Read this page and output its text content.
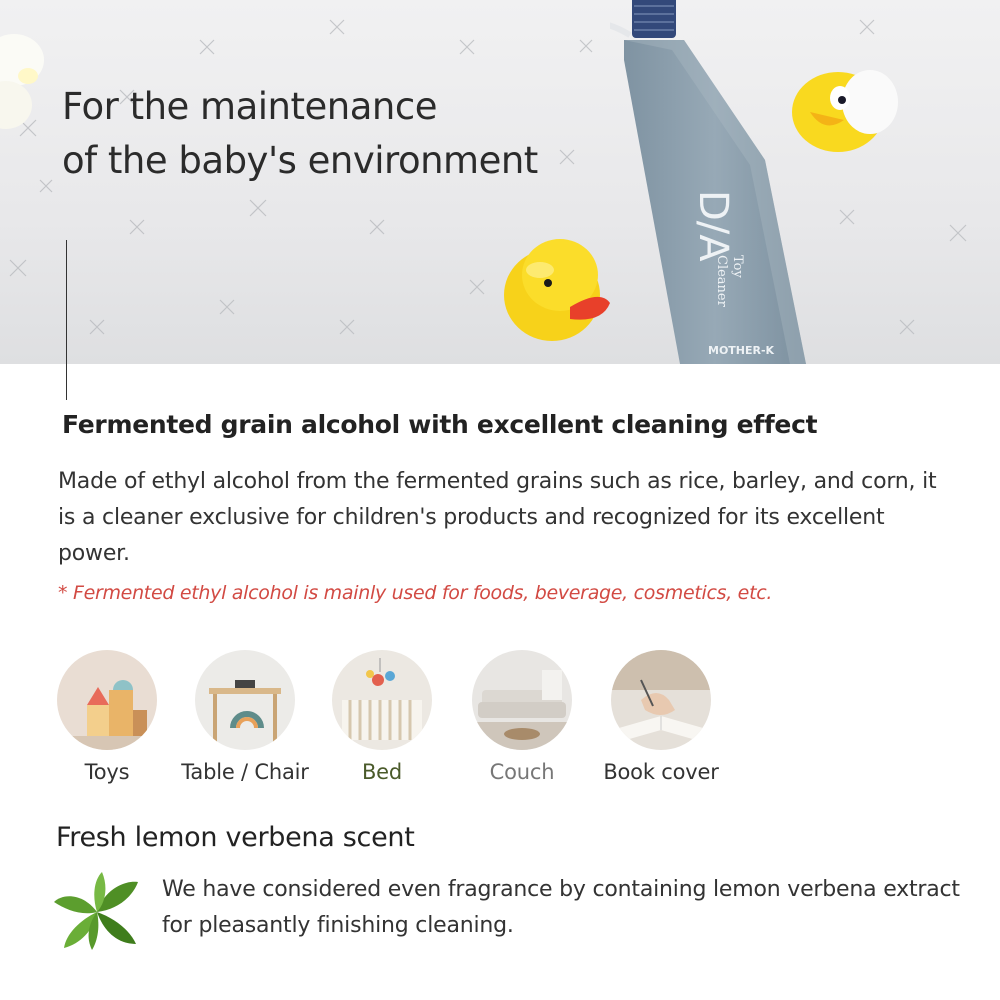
For the maintenance
of the baby's environment
D/A
Toy
Cleaner
MOTHER-K
Fermented grain alcohol with excellent cleaning effect

Made of ethyl alcohol from the fermented grains such as rice, barley, and corn, it is a cleaner exclusive for children's products and recognized for its excellent power.

* Fermented ethyl alcohol is mainly used for foods, beverage, cosmetics, etc.

Toys	Table / Chair	Bed	Couch	Book cover
Fresh lemon verbena scent

We have considered even fragrance by containing lemon verbena extract for pleasantly finishing cleaning.
